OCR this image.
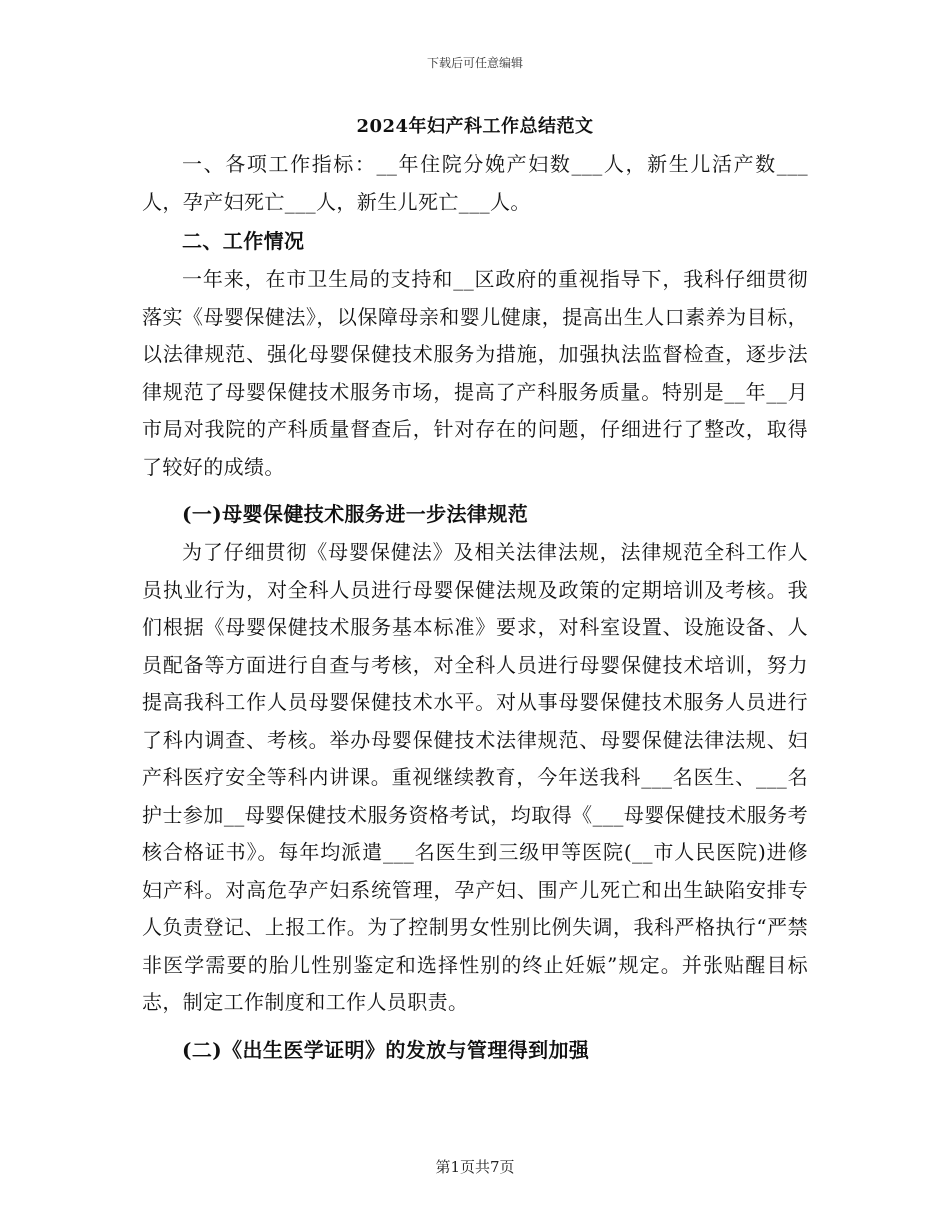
下载后可任意编辑
2024年妇产科工作总结范文

一、各项工作指标：__年住院分娩产妇数___人，新生儿活产数___人，孕产妇死亡___人，新生儿死亡___人。

二、工作情况

一年来，在市卫生局的支持和__区政府的重视指导下，我科仔细贯彻落实《母婴保健法》，以保障母亲和婴儿健康，提高出生人口素养为目标，以法律规范、强化母婴保健技术服务为措施，加强执法监督检查，逐步法律规范了母婴保健技术服务市场，提高了产科服务质量。特别是__年__月市局对我院的产科质量督查后，针对存在的问题，仔细进行了整改，取得了较好的成绩。

(一)母婴保健技术服务进一步法律规范

为了仔细贯彻《母婴保健法》及相关法律法规，法律规范全科工作人员执业行为，对全科人员进行母婴保健法规及政策的定期培训及考核。我们根据《母婴保健技术服务基本标准》要求，对科室设置、设施设备、人员配备等方面进行自查与考核，对全科人员进行母婴保健技术培训，努力提高我科工作人员母婴保健技术水平。对从事母婴保健技术服务人员进行了科内调查、考核。举办母婴保健技术法律规范、母婴保健法律法规、妇产科医疗安全等科内讲课。重视继续教育，今年送我科___名医生、___名护士参加__母婴保健技术服务资格考试，均取得《___母婴保健技术服务考核合格证书》。每年均派遣___名医生到三级甲等医院(__市人民医院)进修妇产科。对高危孕产妇系统管理，孕产妇、围产儿死亡和出生缺陷安排专人负责登记、上报工作。为了控制男女性别比例失调，我科严格执行“严禁非医学需要的胎儿性别鉴定和选择性别的终止妊娠”规定。并张贴醒目标志，制定工作制度和工作人员职责。

(二)《出生医学证明》的发放与管理得到加强
第1页共7页
